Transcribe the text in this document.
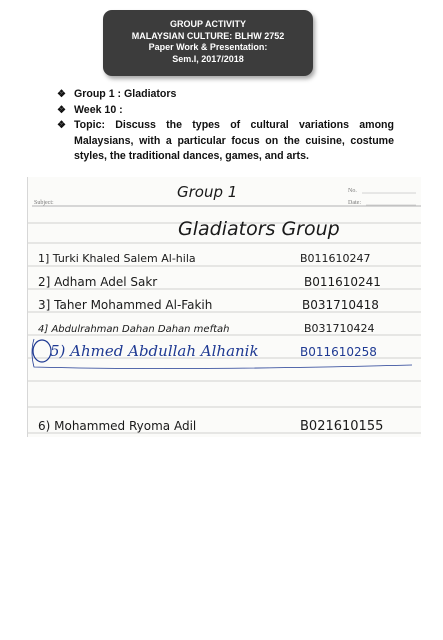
GROUP ACTIVITY
MALAYSIAN CULTURE: BLHW 2752
Paper Work & Presentation:
Sem.I, 2017/2018
❖ Group 1 : Gladiators
❖ Week 10 :
❖ Topic: Discuss the types of cultural variations among Malaysians, with a particular focus on the cuisine, costume styles, the traditional dances, games, and arts.
Subject:
No.
Date:
Group 1
Gladiators Group
1] Turki Khaled Salem Al-hila	B011610247
2] Adham Adel Sakr	B011610241
3] Taher Mohammed Al-Fakih	B031710418
4] Abdulrahman Dahan Dahan meftah	B031710424
5) Ahmed Abdullah Alhanik	B011610258
6) Mohammed Ryoma Adil	B021610155
